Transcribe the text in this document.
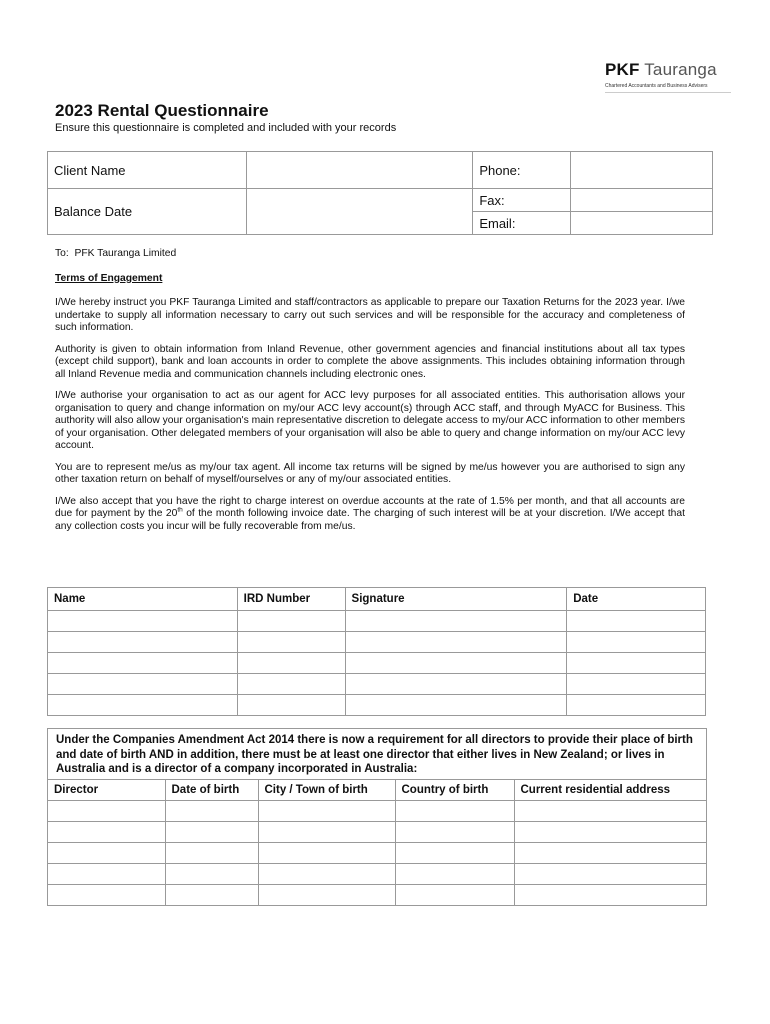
PKF Tauranga
Chartered Accountants and Business Advisers
2023 Rental Questionnaire
Ensure this questionnaire is completed and included with your records
Client Name		Phone:	
Balance Date		Fax:	
		Email:	

To: PFK Tauranga Limited

Terms of Engagement

I/We hereby instruct you PKF Tauranga Limited and staff/contractors as applicable to prepare our Taxation Returns for the 2023 year. I/we undertake to supply all information necessary to carry out such services and will be responsible for the accuracy and completeness of such information.

Authority is given to obtain information from Inland Revenue, other government agencies and financial institutions about all tax types (except child support), bank and loan accounts in order to complete the above assignments. This includes obtaining information through all Inland Revenue media and communication channels including electronic ones.

I/We authorise your organisation to act as our agent for ACC levy purposes for all associated entities. This authorisation allows your organisation to query and change information on my/our ACC levy account(s) through ACC staff, and through MyACC for Business. This authority will also allow your organisation's main representative discretion to delegate access to my/our ACC information to other members of your organisation. Other delegated members of your organisation will also be able to query and change information on my/our ACC levy account.

You are to represent me/us as my/our tax agent. All income tax returns will be signed by me/us however you are authorised to sign any other taxation return on behalf of myself/ourselves or any of my/our associated entities.

I/We also accept that you have the right to charge interest on overdue accounts at the rate of 1.5% per month, and that all accounts are due for payment by the 20th of the month following invoice date. The charging of such interest will be at your discretion. I/We accept that any collection costs you incur will be fully recoverable from me/us.

Name	IRD Number	Signature	Date

Under the Companies Amendment Act 2014 there is now a requirement for all directors to provide their place of birth and date of birth AND in addition, there must be at least one director that either lives in New Zealand; or lives in Australia and is a director of a company incorporated in Australia:
Director	Date of birth	City / Town of birth	Country of birth	Current residential address
